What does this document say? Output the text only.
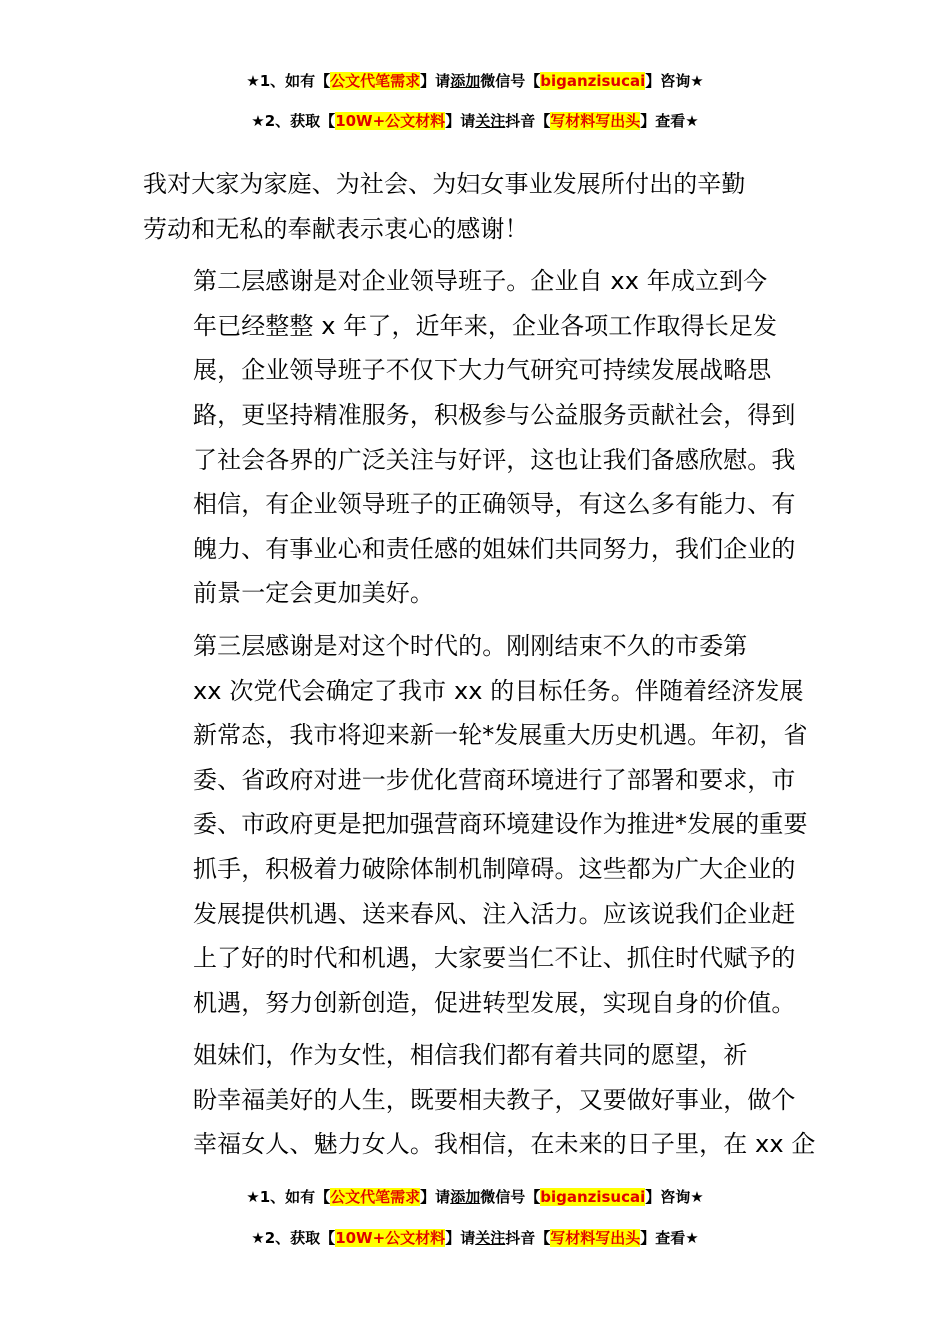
★1、如有【公文代笔需求】请添加微信号【biganzisucai】咨询★
★2、获取【10W+公文材料】请关注抖音【写材料写出头】查看★

我对大家为家庭、为社会、为妇女事业发展所付出的辛勤
劳动和无私的奉献表示衷心的感谢！

第二层感谢是对企业领导班子。企业自 xx 年成立到今
年已经整整 x 年了，近年来，企业各项工作取得长足发
展，企业领导班子不仅下大力气研究可持续发展战略思
路，更坚持精准服务，积极参与公益服务贡献社会，得到
了社会各界的广泛关注与好评，这也让我们备感欣慰。我
相信，有企业领导班子的正确领导，有这么多有能力、有
魄力、有事业心和责任感的姐妹们共同努力，我们企业的
前景一定会更加美好。

第三层感谢是对这个时代的。刚刚结束不久的市委第
xx 次党代会确定了我市 xx 的目标任务。伴随着经济发展
新常态，我市将迎来新一轮*发展重大历史机遇。年初，省
委、省政府对进一步优化营商环境进行了部署和要求，市
委、市政府更是把加强营商环境建设作为推进*发展的重要
抓手，积极着力破除体制机制障碍。这些都为广大企业的
发展提供机遇、送来春风、注入活力。应该说我们企业赶
上了好的时代和机遇，大家要当仁不让、抓住时代赋予的
机遇，努力创新创造，促进转型发展，实现自身的价值。

姐妹们，作为女性，相信我们都有着共同的愿望，祈
盼幸福美好的人生，既要相夫教子，又要做好事业，做个
幸福女人、魅力女人。我相信，在未来的日子里，在 xx 企

★1、如有【公文代笔需求】请添加微信号【biganzisucai】咨询★
★2、获取【10W+公文材料】请关注抖音【写材料写出头】查看★
